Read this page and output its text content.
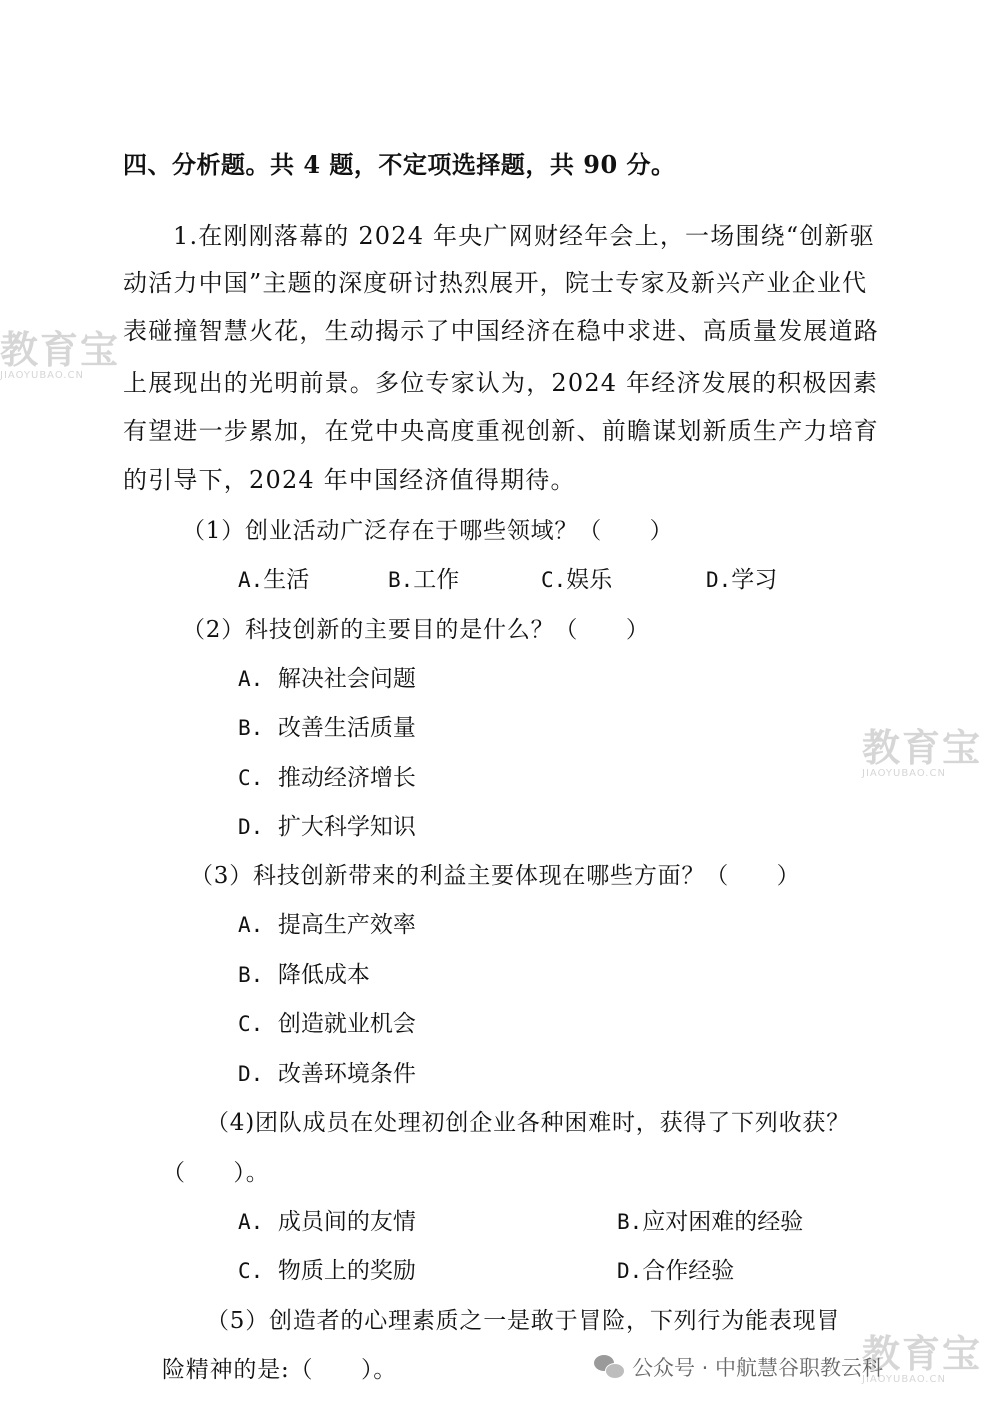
四、分析题。共 4 题，不定项选择题，共 90 分。
1.在刚刚落幕的 2024 年央广网财经年会上，一场围绕“创新驱
动活力中国”主题的深度研讨热烈展开，院士专家及新兴产业企业代
表碰撞智慧火花，生动揭示了中国经济在稳中求进、高质量发展道路
上展现出的光明前景。多位专家认为，2024 年经济发展的积极因素
有望进一步累加，在党中央高度重视创新、前瞻谋划新质生产力培育
的引导下，2024 年中国经济值得期待。
（1）创业活动广泛存在于哪些领域？（　　）
A.生活	B.工作	C.娱乐	D.学习
（2）科技创新的主要目的是什么？（　　）
A. 解决社会问题
B. 改善生活质量
C. 推动经济增长
D. 扩大科学知识
（3）科技创新带来的利益主要体现在哪些方面？（　　）
A. 提高生产效率
B. 降低成本
C. 创造就业机会
D. 改善环境条件
（4)团队成员在处理初创企业各种困难时，获得了下列收获？
（　　）。
A. 成员间的友情	B.应对困难的经验
C. 物质上的奖励	D.合作经验
（5）创造者的心理素质之一是敢于冒险，下列行为能表现冒
险精神的是:（　　）。
教育宝
JIAOYUBAO.CN
教育宝
JIAOYUBAO.CN
教育宝
JIAOYUBAO.CN
公众号 · 中航慧谷职教云科
